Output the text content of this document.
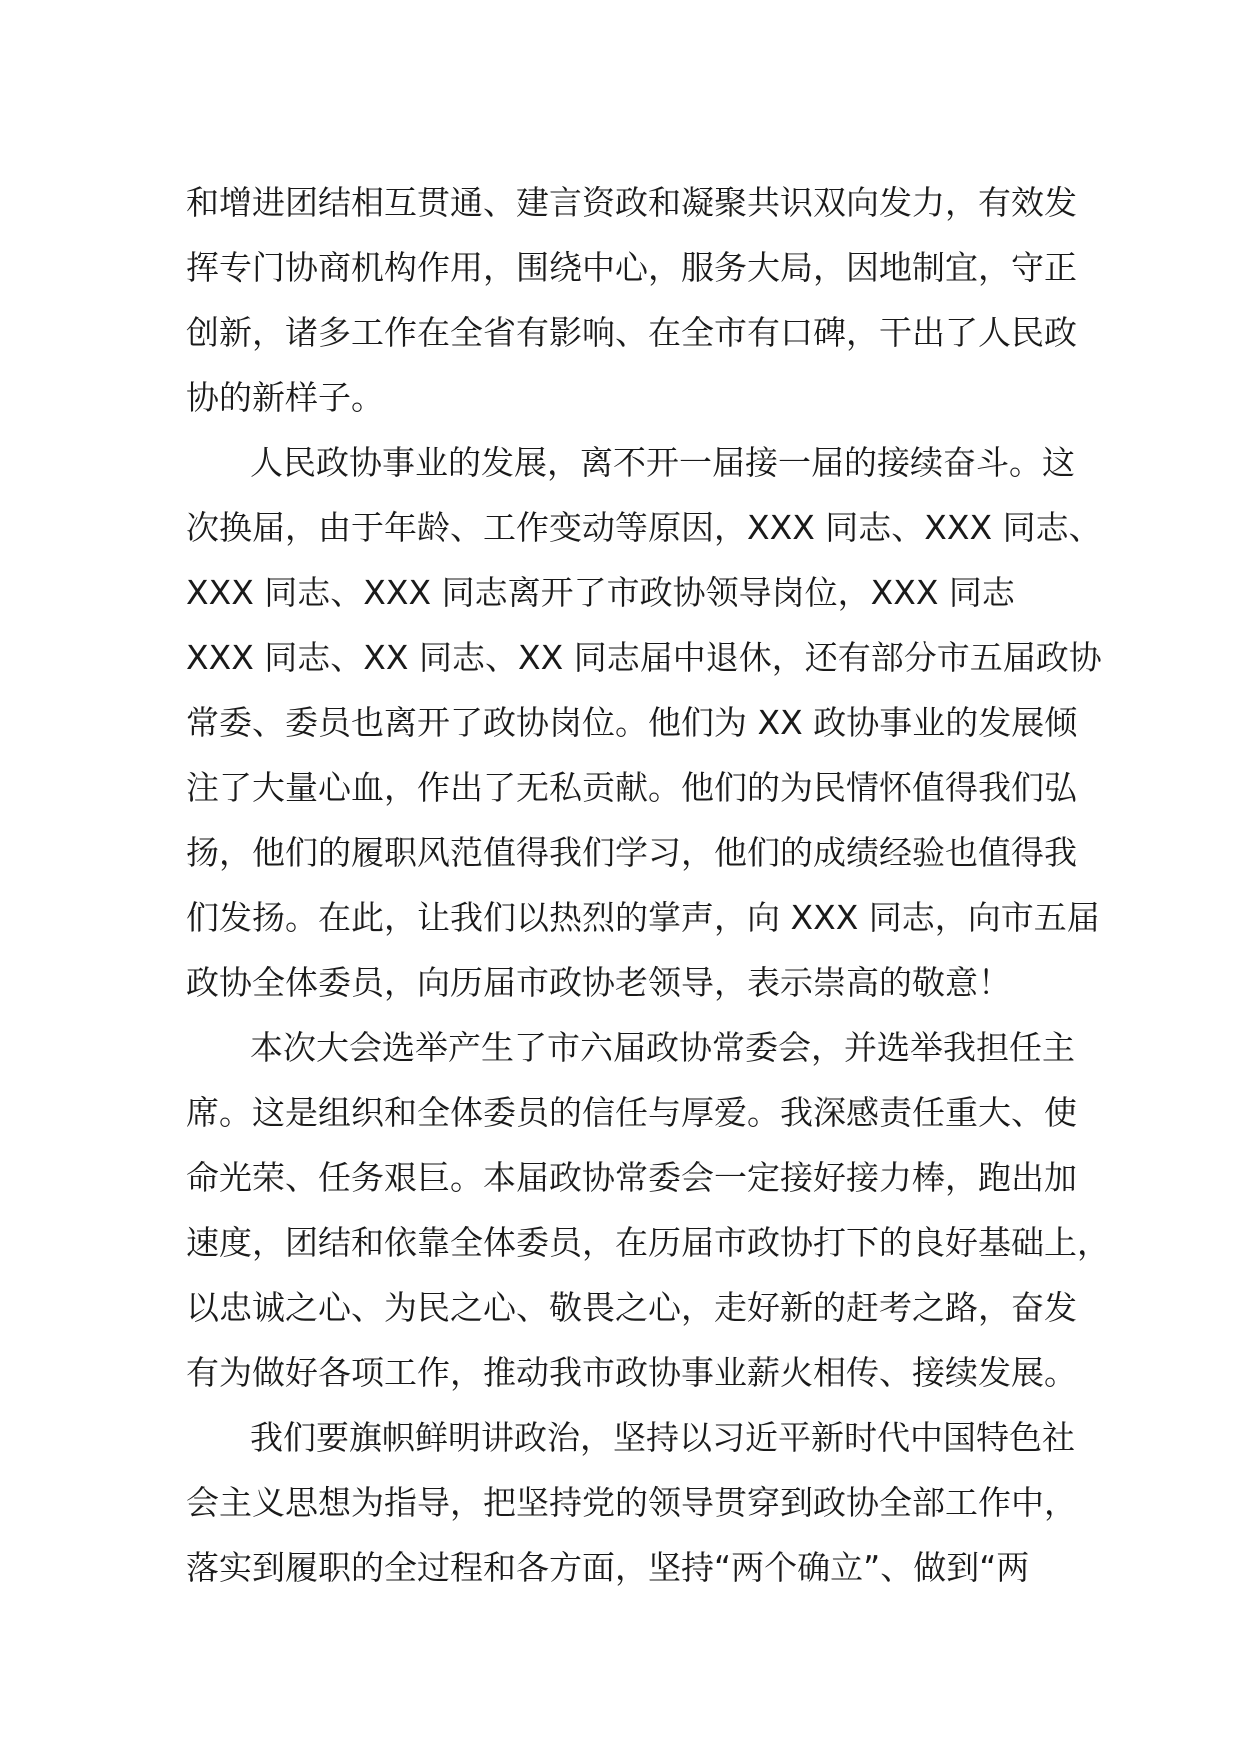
和增进团结相互贯通、建言资政和凝聚共识双向发力，有效发
挥专门协商机构作用，围绕中心，服务大局，因地制宜，守正
创新，诸多工作在全省有影响、在全市有口碑，干出了人民政
协的新样子。
人民政协事业的发展，离不开一届接一届的接续奋斗。这
次换届，由于年龄、工作变动等原因，XXX 同志、XXX 同志、
XXX 同志、XXX 同志离开了市政协领导岗位，XXX 同志
XXX 同志、XX 同志、XX 同志届中退休，还有部分市五届政协
常委、委员也离开了政协岗位。他们为 XX 政协事业的发展倾
注了大量心血，作出了无私贡献。他们的为民情怀值得我们弘
扬，他们的履职风范值得我们学习，他们的成绩经验也值得我
们发扬。在此，让我们以热烈的掌声，向 XXX 同志，向市五届
政协全体委员，向历届市政协老领导，表示崇高的敬意！
本次大会选举产生了市六届政协常委会，并选举我担任主
席。这是组织和全体委员的信任与厚爱。我深感责任重大、使
命光荣、任务艰巨。本届政协常委会一定接好接力棒，跑出加
速度，团结和依靠全体委员，在历届市政协打下的良好基础上，
以忠诚之心、为民之心、敬畏之心，走好新的赶考之路，奋发
有为做好各项工作，推动我市政协事业薪火相传、接续发展。
我们要旗帜鲜明讲政治，坚持以习近平新时代中国特色社
会主义思想为指导，把坚持党的领导贯穿到政协全部工作中，
落实到履职的全过程和各方面，坚持“两个确立”、做到“两
